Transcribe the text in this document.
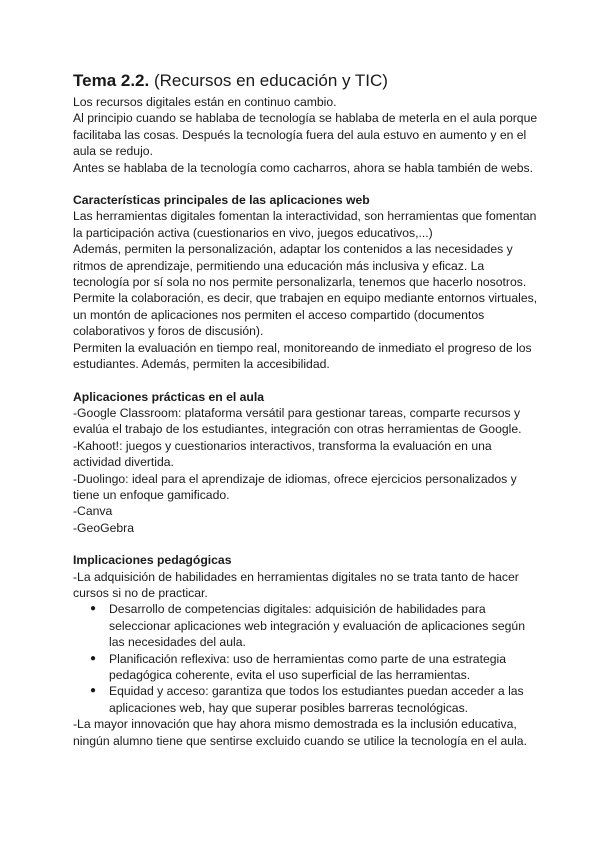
Tema 2.2. (Recursos en educación y TIC)

Los recursos digitales están en continuo cambio.

Al principio cuando se hablaba de tecnología se hablaba de meterla en el aula porque facilitaba las cosas. Después la tecnología fuera del aula estuvo en aumento y en el aula se redujo.

Antes se hablaba de la tecnología como cacharros, ahora se habla también de webs.

Características principales de las aplicaciones web

Las herramientas digitales fomentan la interactividad, son herramientas que fomentan la participación activa (cuestionarios en vivo, juegos educativos,...)

Además, permiten la personalización, adaptar los contenidos a las necesidades y ritmos de aprendizaje, permitiendo una educación más inclusiva y eficaz. La tecnología por sí sola no nos permite personalizarla, tenemos que hacerlo nosotros.

Permite la colaboración, es decir, que trabajen en equipo mediante entornos virtuales, un montón de aplicaciones nos permiten el acceso compartido (documentos colaborativos y foros de discusión).

Permiten la evaluación en tiempo real, monitoreando de inmediato el progreso de los estudiantes. Además, permiten la accesibilidad.

Aplicaciones prácticas en el aula

-Google Classroom: plataforma versátil para gestionar tareas, comparte recursos y evalúa el trabajo de los estudiantes, integración con otras herramientas de Google.

-Kahoot!: juegos y cuestionarios interactivos, transforma la evaluación en una actividad divertida.

-Duolingo: ideal para el aprendizaje de idiomas, ofrece ejercicios personalizados y tiene un enfoque gamificado.

-Canva

-GeoGebra

Implicaciones pedagógicas

-La adquisición de habilidades en herramientas digitales no se trata tanto de hacer cursos si no de practicar.

● Desarrollo de competencias digitales: adquisición de habilidades para seleccionar aplicaciones web integración y evaluación de aplicaciones según las necesidades del aula.
● Planificación reflexiva: uso de herramientas como parte de una estrategia pedagógica coherente, evita el uso superficial de las herramientas.
● Equidad y acceso: garantiza que todos los estudiantes puedan acceder a las aplicaciones web, hay que superar posibles barreras tecnológicas.

-La mayor innovación que hay ahora mismo demostrada es la inclusión educativa, ningún alumno tiene que sentirse excluido cuando se utilice la tecnología en el aula.
